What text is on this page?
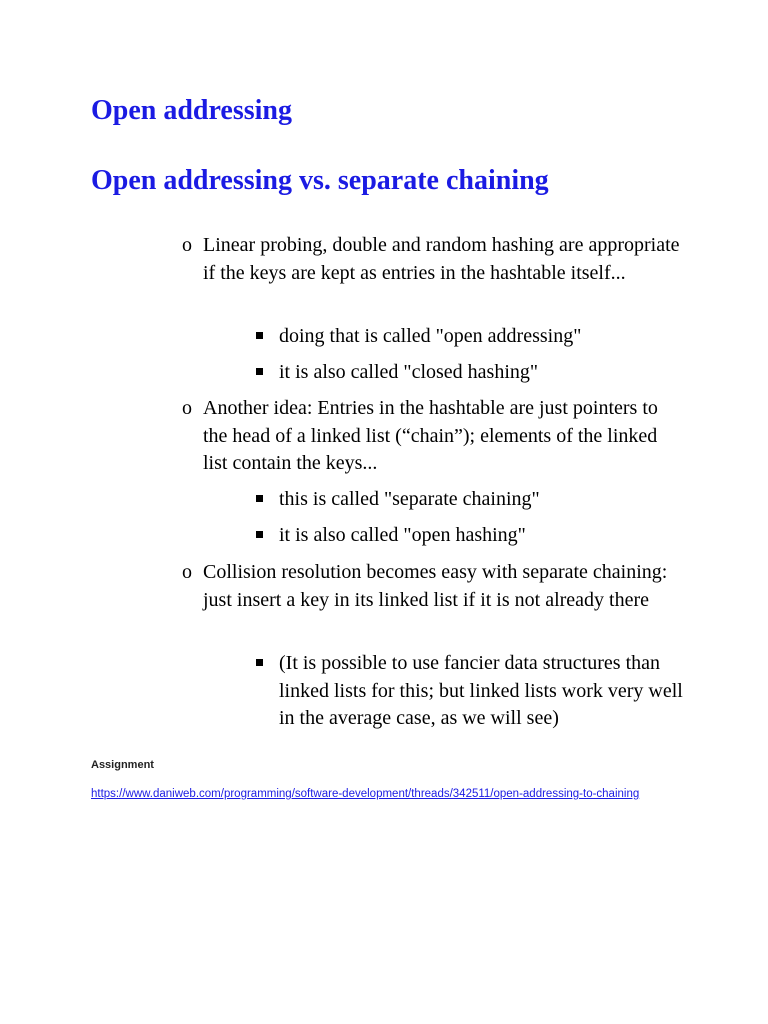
Open addressing
Open addressing vs. separate chaining
o Linear probing, double and random hashing are appropriate if the keys are kept as entries in the hashtable itself...
doing that is called "open addressing"
it is also called "closed hashing"
o Another idea: Entries in the hashtable are just pointers to the head of a linked list (“chain”); elements of the linked list contain the keys...
this is called "separate chaining"
it is also called "open hashing"
o Collision resolution becomes easy with separate chaining: just insert a key in its linked list if it is not already there
(It is possible to use fancier data structures than linked lists for this; but linked lists work very well in the average case, as we will see)
Assignment
https://www.daniweb.com/programming/software-development/threads/342511/open-addressing-to-chaining
